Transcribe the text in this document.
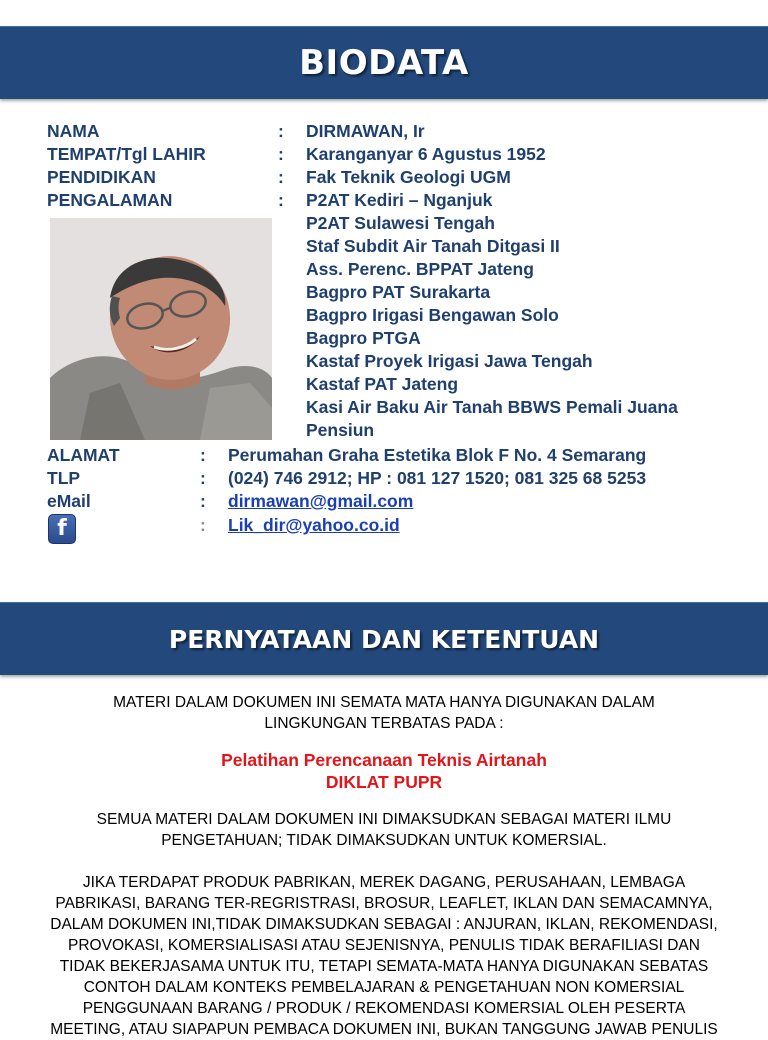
BIODATA
NAMA	: DIRMAWAN, Ir
TEMPAT/Tgl LAHIR	: Karanganyar 6 Agustus 1952
PENDIDIKAN	: Fak Teknik Geologi UGM
PENGALAMAN	: P2AT Kediri – Nganjuk
P2AT Sulawesi Tengah
Staf Subdit Air Tanah Ditgasi II
Ass. Perenc. BPPAT Jateng
Bagpro PAT Surakarta
Bagpro Irigasi Bengawan Solo
Bagpro PTGA
Kastaf Proyek Irigasi Jawa Tengah
Kastaf PAT Jateng
Kasi Air Baku Air Tanah BBWS Pemali Juana
Pensiun
ALAMAT	: Perumahan Graha Estetika Blok F No. 4 Semarang
TLP	: (024) 746 2912; HP : 081 127 1520; 081 325 68 5253
eMail	: dirmawan@gmail.com
f	: Lik_dir@yahoo.co.id
PERNYATAAN DAN KETENTUAN
MATERI DALAM DOKUMEN INI SEMATA MATA HANYA DIGUNAKAN DALAM
LINGKUNGAN TERBATAS PADA :
Pelatihan Perencanaan Teknis Airtanah
DIKLAT PUPR
SEMUA MATERI DALAM DOKUMEN INI DIMAKSUDKAN SEBAGAI MATERI ILMU
PENGETAHUAN; TIDAK DIMAKSUDKAN UNTUK KOMERSIAL.
JIKA TERDAPAT PRODUK PABRIKAN, MEREK DAGANG, PERUSAHAAN, LEMBAGA
PABRIKASI, BARANG TER-REGRISTRASI, BROSUR, LEAFLET, IKLAN DAN SEMACAMNYA,
DALAM DOKUMEN INI,TIDAK DIMAKSUDKAN SEBAGAI : ANJURAN, IKLAN, REKOMENDASI,
PROVOKASI, KOMERSIALISASI ATAU SEJENISNYA, PENULIS TIDAK BERAFILIASI DAN
TIDAK BEKERJASAMA UNTUK ITU, TETAPI SEMATA-MATA HANYA DIGUNAKAN SEBATAS
CONTOH DALAM KONTEKS PEMBELAJARAN & PENGETAHUAN NON KOMERSIAL
PENGGUNAAN BARANG / PRODUK / REKOMENDASI KOMERSIAL OLEH PESERTA
MEETING, ATAU SIAPAPUN PEMBACA DOKUMEN INI, BUKAN TANGGUNG JAWAB PENULIS
